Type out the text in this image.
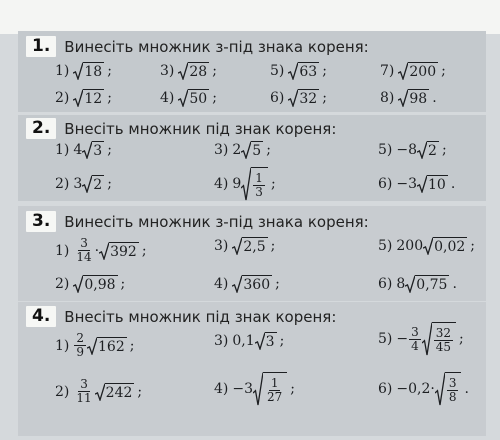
1. Винесіть множник з-під знака кореня:
2. Внесіть множник під знак кореня:
3. Винесіть множник з-під знака кореня:
4. Внесіть множник під знак кореня:
1) 18 ;	3) 28 ;	5) 63 ;	7) 200 ;
2) 12 ;	4) 50 ;	6) 32 ;	8) 98 .
1) 4 3 ;	3) 2 5 ;	5) −8 2 ;
2) 3 2 ;	4) $9 \frac{1}{3}$ ;	6) −3 10 .
$1) \frac{3}{14} \cdot 392$ ;	3) 2,5 ;	5) 200 0,02 ;
2) 0,98 ;	4) 360 ;	6) 8 0,75 .
$1) \frac{2}{9} 162$ ;	3) 0,1 3 ;	$5) - \frac{3}{4} \frac{32}{45}$ ;
$2) \frac{3}{11} 242$ ;	$4) -3 \frac{1}{27}$ ;	$6) -0,2\cdot \frac{3}{8}$ .
